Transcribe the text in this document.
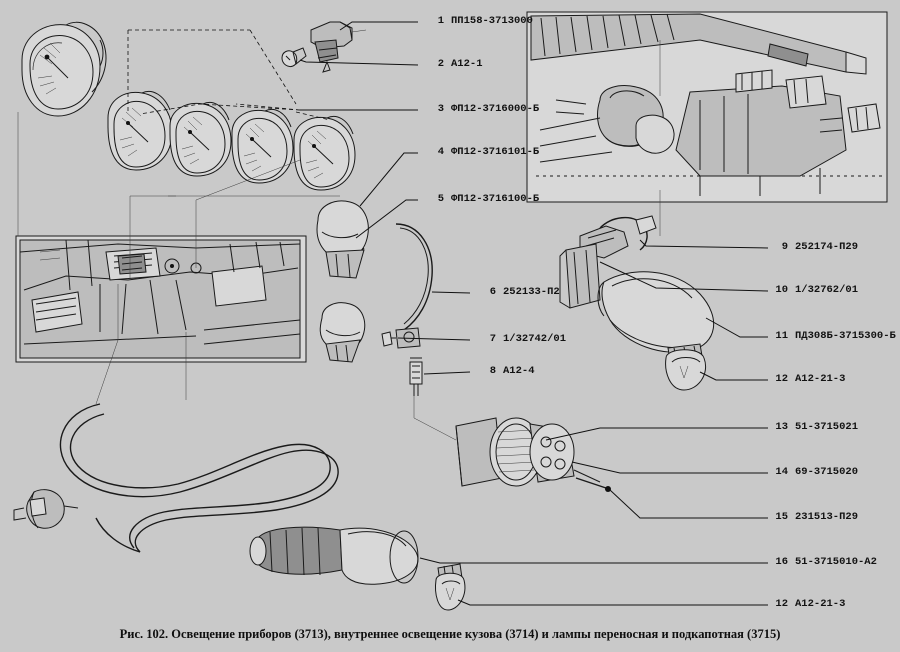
1 ПП158-3713000
2 А12-1
3 ФП12-3716000-Б
4 ФП12-3716101-Б
5 ФП12-3716100-Б
6 252133-П2
7 1/32742/01
8 А12-4
9 252174-П29
10 1/32762/01
11 ПД308Б-3715300-Б
12 А12-21-3
13 51-3715021
14 69-3715020
15 231513-П29
16 51-3715010-А2
12 А12-21-3
Рис. 102. Освещение приборов (3713), внутреннее освещение кузова (3714) и лампы переносная и подкапотная (3715)
